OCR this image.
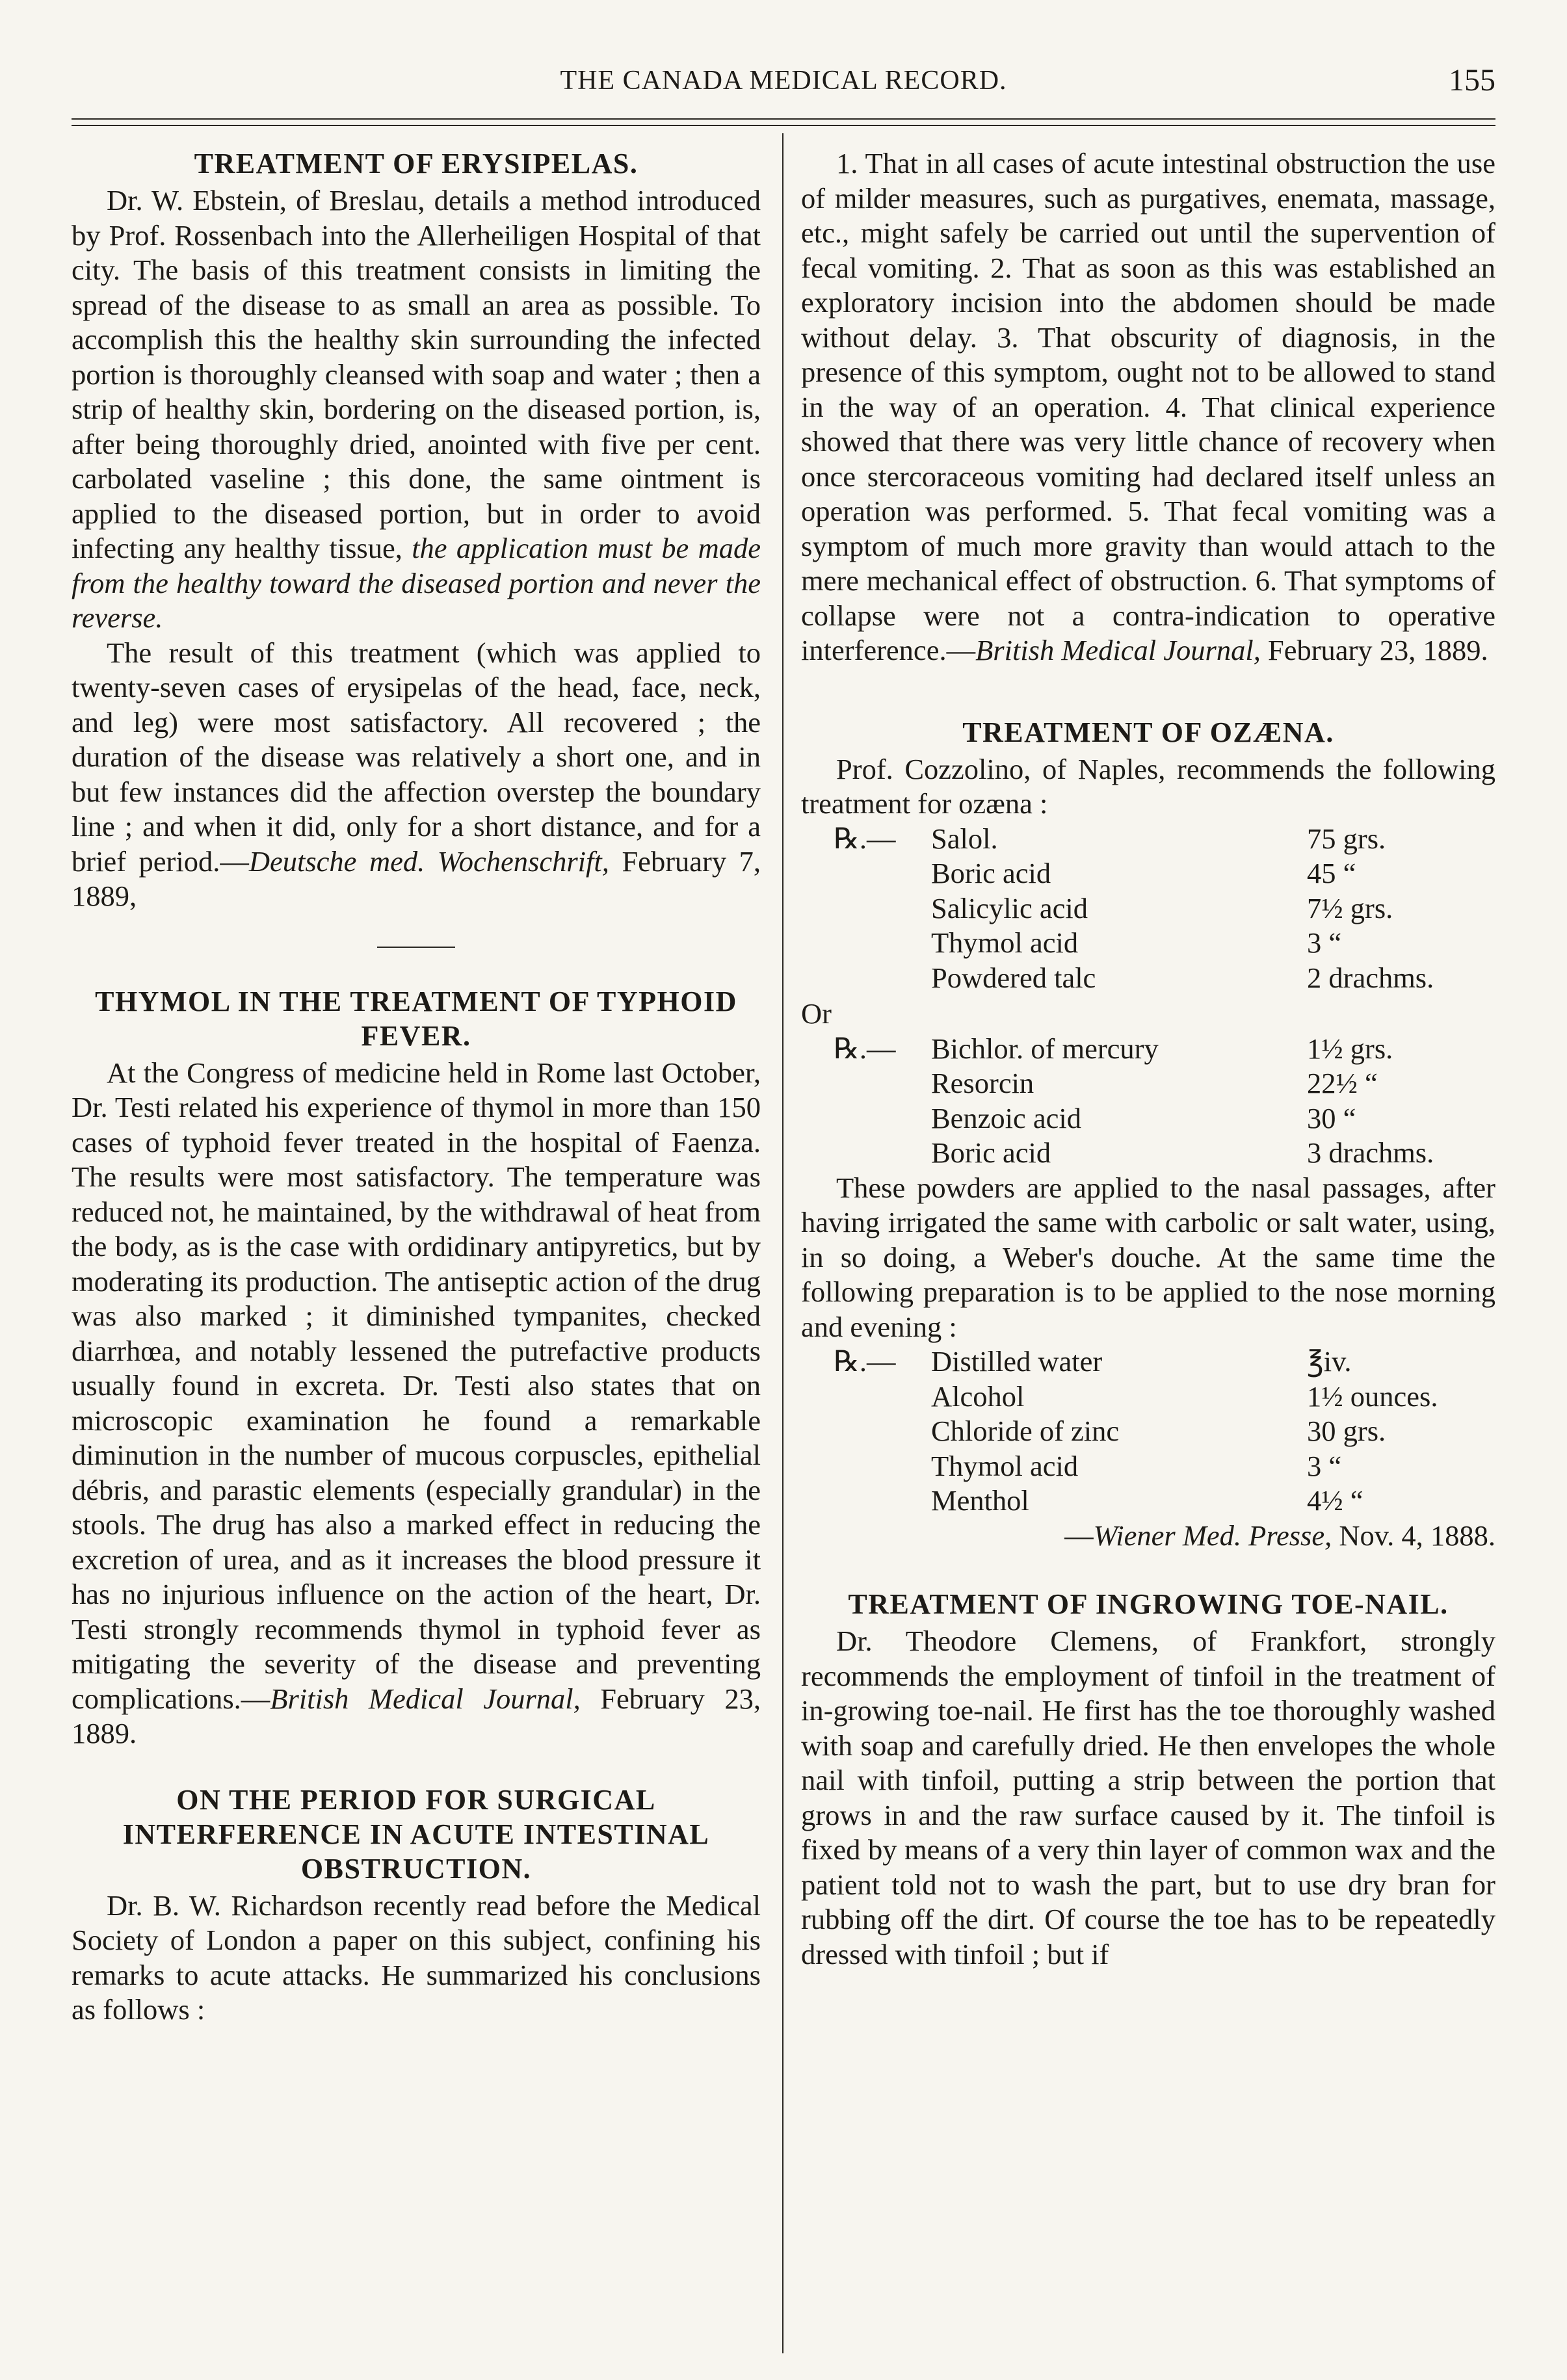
THE CANADA MEDICAL RECORD.	155
TREATMENT OF ERYSIPELAS.

Dr. W. Ebstein, of Breslau, details a method introduced by Prof. Rossenbach into the Allerheiligen Hospital of that city. The basis of this treatment consists in limiting the spread of the disease to as small an area as possible. To accomplish this the healthy skin surrounding the infected portion is thoroughly cleansed with soap and water ; then a strip of healthy skin, bordering on the diseased portion, is, after being thoroughly dried, anointed with five per cent. carbolated vaseline ; this done, the same ointment is applied to the diseased portion, but in order to avoid infecting any healthy tissue, the application must be made from the healthy toward the diseased portion and never the reverse.

The result of this treatment (which was applied to twenty-seven cases of erysipelas of the head, face, neck, and leg) were most satisfactory. All recovered ; the duration of the disease was relatively a short one, and in but few instances did the affection overstep the boundary line ; and when it did, only for a short distance, and for a brief period.—Deutsche med. Wochenschrift, February 7, 1889,

THYMOL IN THE TREATMENT OF TYPHOID FEVER.

At the Congress of medicine held in Rome last October, Dr. Testi related his experience of thymol in more than 150 cases of typhoid fever treated in the hospital of Faenza. The results were most satisfactory. The temperature was reduced not, he maintained, by the withdrawal of heat from the body, as is the case with ordidinary antipyretics, but by moderating its production. The antiseptic action of the drug was also marked ; it diminished tympanites, checked diarrhœa, and notably lessened the putrefactive products usually found in excreta. Dr. Testi also states that on microscopic examination he found a remarkable diminution in the number of mucous corpuscles, epithelial débris, and parastic elements (especially grandular) in the stools. The drug has also a marked effect in reducing the excretion of urea, and as it increases the blood pressure it has no injurious influence on the action of the heart, Dr. Testi strongly recommends thymol in typhoid fever as mitigating the severity of the disease and preventing complications.—British Medical Journal, February 23, 1889.

ON THE PERIOD FOR SURGICAL INTERFERENCE IN ACUTE INTESTINAL OBSTRUCTION.

Dr. B. W. Richardson recently read before the Medical Society of London a paper on this subject, confining his remarks to acute attacks. He summarized his conclusions as follows :

1. That in all cases of acute intestinal obstruction the use of milder measures, such as purgatives, enemata, massage, etc., might safely be carried out until the supervention of fecal vomiting. 2. That as soon as this was established an exploratory incision into the abdomen should be made without delay. 3. That obscurity of diagnosis, in the presence of this symptom, ought not to be allowed to stand in the way of an operation. 4. That clinical experience showed that there was very little chance of recovery when once stercoraceous vomiting had declared itself unless an operation was performed. 5. That fecal vomiting was a symptom of much more gravity than would attach to the mere mechanical effect of obstruction. 6. That symptoms of collapse were not a contra-indication to operative interference.—British Medical Journal, February 23, 1889.

TREATMENT OF OZÆNA.

Prof. Cozzolino, of Naples, recommends the following treatment for ozæna :

℞.—	Salol.	75 grs.
	Boric acid	45 “
	Salicylic acid	7½ grs.
	Thymol acid	3 “
	Powdered talc	2 drachms.

Or

℞.—	Bichlor. of mercury	1½ grs.
	Resorcin	22½ “
	Benzoic acid	30 “
	Boric acid	3 drachms.

These powders are applied to the nasal passages, after having irrigated the same with carbolic or salt water, using, in so doing, a Weber's douche. At the same time the following preparation is to be applied to the nose morning and evening :

℞.—	Distilled water	℥iv.
	Alcohol	1½ ounces.
	Chloride of zinc	30 grs.
	Thymol acid	3 “
	Menthol	4½ “

—Wiener Med. Presse, Nov. 4, 1888.

TREATMENT OF INGROWING TOE-NAIL.

Dr. Theodore Clemens, of Frankfort, strongly recommends the employment of tinfoil in the treatment of in-growing toe-nail. He first has the toe thoroughly washed with soap and carefully dried. He then envelopes the whole nail with tinfoil, putting a strip between the portion that grows in and the raw surface caused by it. The tinfoil is fixed by means of a very thin layer of common wax and the patient told not to wash the part, but to use dry bran for rubbing off the dirt. Of course the toe has to be repeatedly dressed with tinfoil ; but if
